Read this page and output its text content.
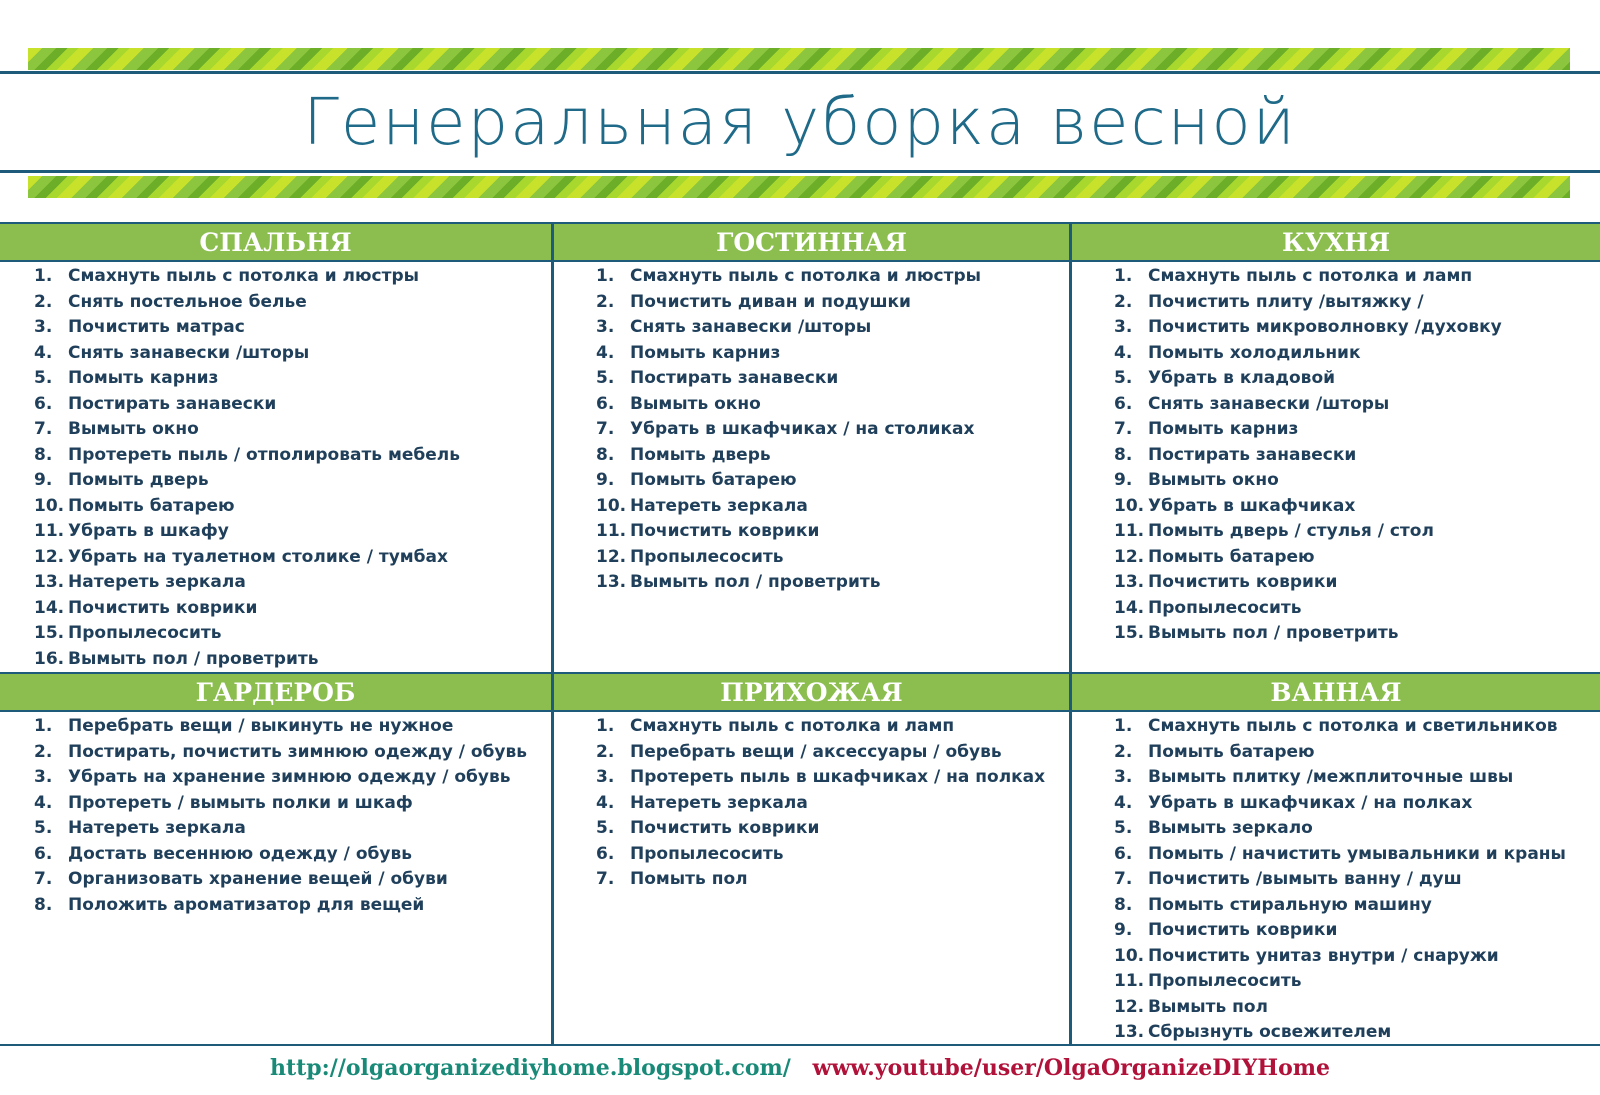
Генеральная уборка весной
СПАЛЬНЯ
1. Смахнуть пыль с потолка и люстры
2. Снять постельное белье
3. Почистить матрас
4. Снять занавески /шторы
5. Помыть карниз
6. Постирать занавески
7. Вымыть окно
8. Протереть пыль / отполировать мебель
9. Помыть дверь
10. Помыть батарею
11. Убрать в шкафу
12. Убрать на туалетном столике / тумбах
13. Натереть зеркала
14. Почистить коврики
15. Пропылесосить
16. Вымыть пол / проветрить
ГОСТИННАЯ
1. Смахнуть пыль с потолка и люстры
2. Почистить диван и подушки
3. Снять занавески /шторы
4. Помыть карниз
5. Постирать занавески
6. Вымыть окно
7. Убрать в шкафчиках / на столиках
8. Помыть дверь
9. Помыть батарею
10. Натереть зеркала
11. Почистить коврики
12. Пропылесосить
13. Вымыть пол / проветрить
КУХНЯ
1. Смахнуть пыль с потолка и ламп
2. Почистить плиту /вытяжку /
3. Почистить микроволновку /духовку
4. Помыть холодильник
5. Убрать в кладовой
6. Снять занавески /шторы
7. Помыть карниз
8. Постирать занавески
9. Вымыть окно
10. Убрать в шкафчиках
11. Помыть дверь / стулья / стол
12. Помыть батарею
13. Почистить коврики
14. Пропылесосить
15. Вымыть пол / проветрить
ГАРДЕРОБ
1. Перебрать вещи / выкинуть не нужное
2. Постирать, почистить зимнюю одежду / обувь
3. Убрать на хранение зимнюю одежду / обувь
4. Протереть / вымыть полки и шкаф
5. Натереть зеркала
6. Достать весеннюю одежду / обувь
7. Организовать хранение вещей / обуви
8. Положить ароматизатор для вещей
ПРИХОЖАЯ
1. Смахнуть пыль с потолка и ламп
2. Перебрать вещи / аксессуары / обувь
3. Протереть пыль в шкафчиках / на полках
4. Натереть зеркала
5. Почистить коврики
6. Пропылесосить
7. Помыть пол
ВАННАЯ
1. Смахнуть пыль с потолка и светильников
2. Помыть батарею
3. Вымыть плитку /межплиточные швы
4. Убрать в шкафчиках / на полках
5. Вымыть зеркало
6. Помыть / начистить умывальники и краны
7. Почистить /вымыть ванну / душ
8. Помыть стиральную машину
9. Почистить коврики
10. Почистить унитаз внутри / снаружи
11. Пропылесосить
12. Вымыть пол
13. Сбрызнуть освежителем
http://olgaorganizediyhome.blogspot.com/ www.youtube/user/OlgaOrganizeDIYHome
